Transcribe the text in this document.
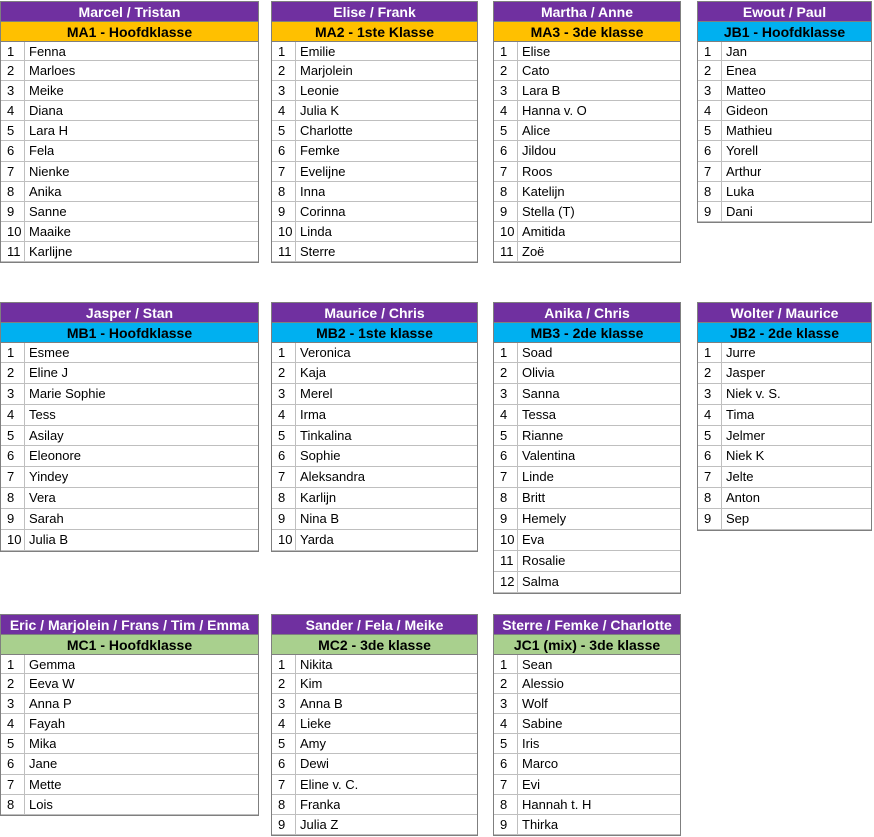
Marcel / Tristan
MA1 - Hoofdklasse
1	Fenna
2	Marloes
3	Meike
4	Diana
5	Lara H
6	Fela
7	Nienke
8	Anika
9	Sanne
10 Maaike
11 Karlijne
Elise / Frank
MA2 - 1ste Klasse
1	Emilie
2	Marjolein
3	Leonie
4	Julia K
5	Charlotte
6	Femke
7	Evelijne
8	Inna
9	Corinna
10 Linda
11 Sterre
Martha / Anne
MA3 - 3de klasse
1	Elise
2	Cato
3	Lara B
4	Hanna v. O
5	Alice
6	Jildou
7	Roos
8	Katelijn
9	Stella (T)
10 Amitida
11 Zoë
Ewout / Paul
JB1 - Hoofdklasse
1	Jan
2	Enea
3	Matteo
4	Gideon
5	Mathieu
6	Yorell
7	Arthur
8	Luka
9	Dani
Jasper / Stan
MB1 - Hoofdklasse
1	Esmee
2	Eline J
3	Marie Sophie
4	Tess
5	Asilay
6	Eleonore
7	Yindey
8	Vera
9	Sarah
10 Julia B
Maurice / Chris
MB2 - 1ste klasse
1	Veronica
2	Kaja
3	Merel
4	Irma
5	Tinkalina
6	Sophie
7	Aleksandra
8	Karlijn
9	Nina B
10 Yarda
Anika / Chris
MB3 - 2de klasse
1	Soad
2	Olivia
3	Sanna
4	Tessa
5	Rianne
6	Valentina
7	Linde
8	Britt
9	Hemely
10 Eva
11 Rosalie
12 Salma
Wolter / Maurice
JB2 - 2de klasse
1	Jurre
2	Jasper
3	Niek v. S.
4	Tima
5	Jelmer
6	Niek K
7	Jelte
8	Anton
9	Sep
Eric / Marjolein / Frans / Tim / Emma
MC1 - Hoofdklasse
1	Gemma
2	Eeva W
3	Anna P
4	Fayah
5	Mika
6	Jane
7	Mette
8	Lois
Sander / Fela / Meike
MC2 - 3de klasse
1	Nikita
2	Kim
3	Anna B
4	Lieke
5	Amy
6	Dewi
7	Eline v. C.
8	Franka
9	Julia Z
Sterre / Femke / Charlotte
JC1 (mix) - 3de klasse
1	Sean
2	Alessio
3	Wolf
4	Sabine
5	Iris
6	Marco
7	Evi
8	Hannah t. H
9	Thirka
